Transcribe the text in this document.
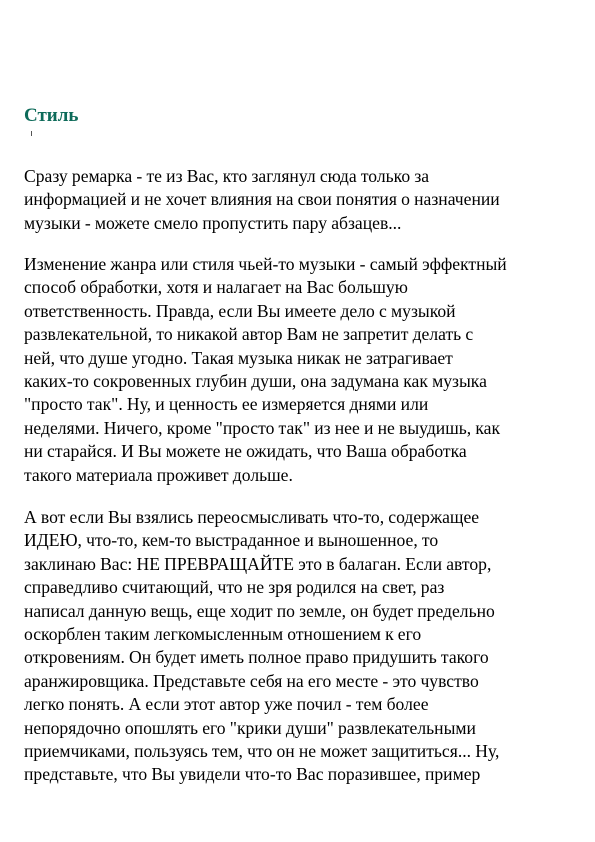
Стиль

Сразу ремарка - те из Вас, кто заглянул сюда только за
информацией и не хочет влияния на свои понятия о назначении
музыки - можете смело пропустить пару абзацев...

Изменение жанра или стиля чьей-то музыки - самый эффектный
способ обработки, хотя и налагает на Вас большую
ответственность. Правда, если Вы имеете дело с музыкой
развлекательной, то никакой автор Вам не запретит делать с
ней, что душе угодно. Такая музыка никак не затрагивает
каких-то сокровенных глубин души, она задумана как музыка
"просто так". Ну, и ценность ее измеряется днями или
неделями. Ничего, кроме "просто так" из нее и не выудишь, как
ни старайся. И Вы можете не ожидать, что Ваша обработка
такого материала проживет дольше.

А вот если Вы взялись переосмысливать что-то, содержащее
ИДЕЮ, что-то, кем-то выстраданное и выношенное, то
заклинаю Вас: НЕ ПРЕВРАЩАЙТЕ это в балаган. Если автор,
справедливо считающий, что не зря родился на свет, раз
написал данную вещь, еще ходит по земле, он будет предельно
оскорблен таким легкомысленным отношением к его
откровениям. Он будет иметь полное право придушить такого
аранжировщика. Представьте себя на его месте - это чувство
легко понять. А если этот автор уже почил - тем более
непорядочно опошлять его "крики души" развлекательными
приемчиками, пользуясь тем, что он не может защититься... Ну,
представьте, что Вы увидели что-то Вас поразившее, пример
